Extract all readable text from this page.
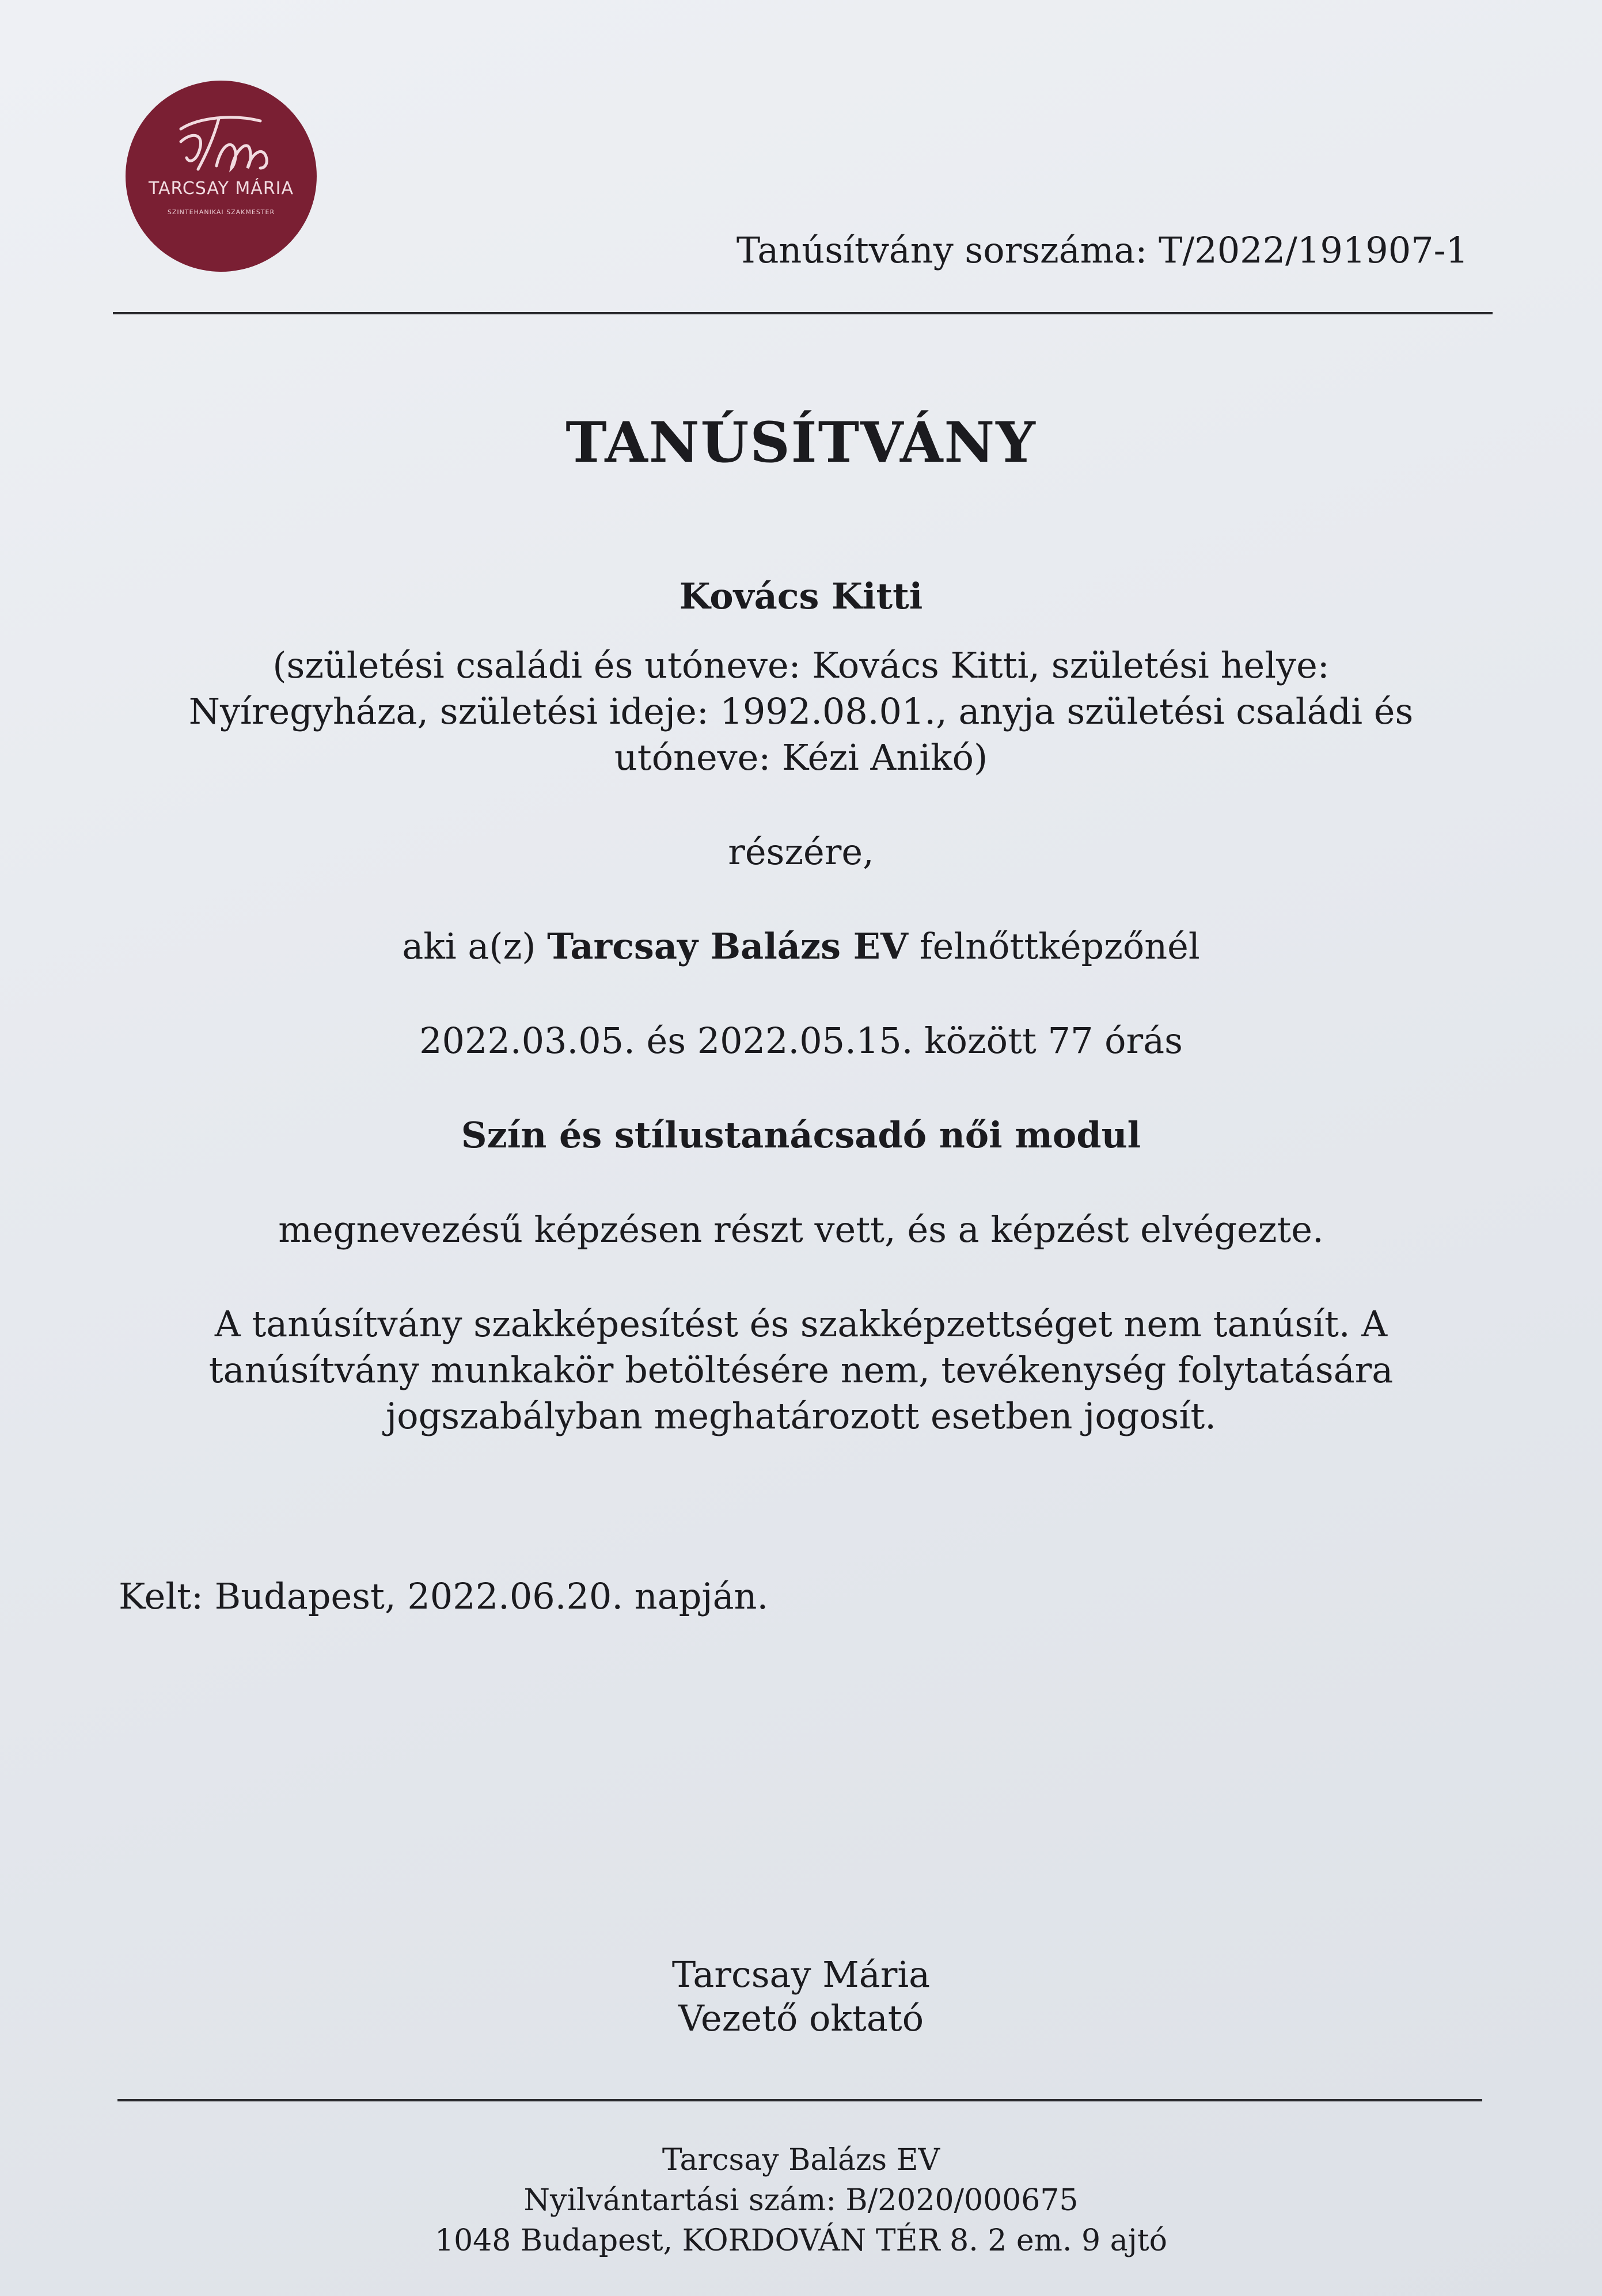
TARCSAY MÁRIA
SZINTEHANIKAI SZAKMESTER
Tanúsítvány sorszáma: T/2022/191907-1
TANÚSÍTVÁNY
Kovács Kitti
(születési családi és utóneve: Kovács Kitti, születési helye:
Nyíregyháza, születési ideje: 1992.08.01., anyja születési családi és
utóneve: Kézi Anikó)
részére,
aki a(z) Tarcsay Balázs EV felnőttképzőnél
2022.03.05. és 2022.05.15. között 77 órás
Szín és stílustanácsadó női modul
megnevezésű képzésen részt vett, és a képzést elvégezte.
A tanúsítvány szakképesítést és szakképzettséget nem tanúsít. A
tanúsítvány munkakör betöltésére nem, tevékenység folytatására
jogszabályban meghatározott esetben jogosít.
Kelt: Budapest, 2022.06.20. napján.
Tarcsay Mária
Vezető oktató
Tarcsay Balázs EV
Nyilvántartási szám: B/2020/000675
1048 Budapest, KORDOVÁN TÉR 8. 2 em. 9 ajtó
